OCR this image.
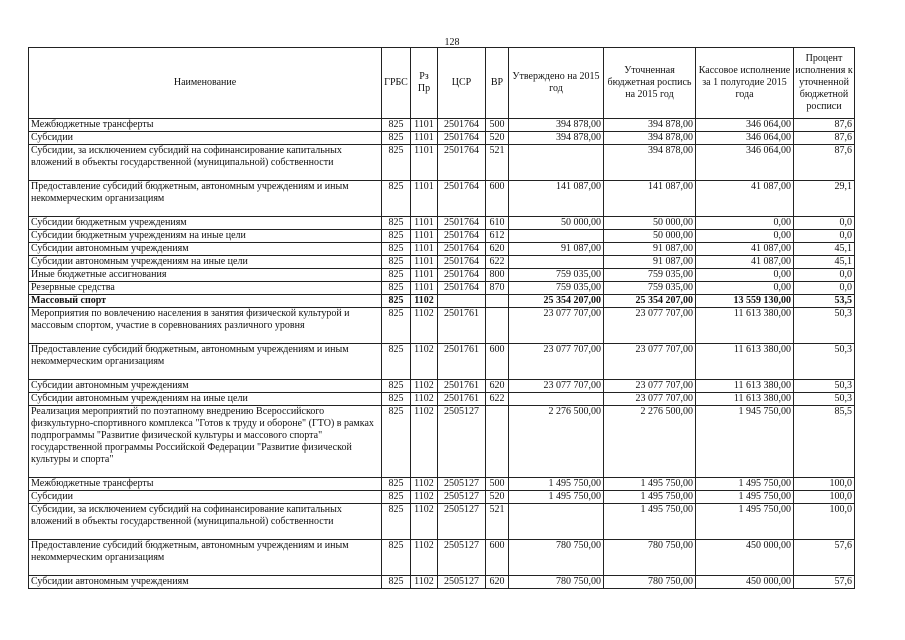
128
Наименование	ГРБС	Рз Пр	ЦСР	ВР	Утверждено на 2015 год	Уточненная бюджетная роспись на 2015 год	Кассовое исполнение за 1 полугодие 2015 года	Процент исполнения к уточненной бюджетной росписи
Межбюджетные трансферты	825	1101	2501764	500	394 878,00	394 878,00	346 064,00	87,6
Субсидии	825	1101	2501764	520	394 878,00	394 878,00	346 064,00	87,6
Субсидии, за исключением субсидий на софинансирование капитальных вложений в объекты государственной (муниципальной) собственности	825	1101	2501764	521		394 878,00	346 064,00	87,6
Предоставление субсидий бюджетным, автономным учреждениям и иным некоммерческим организациям	825	1101	2501764	600	141 087,00	141 087,00	41 087,00	29,1
Субсидии бюджетным учреждениям	825	1101	2501764	610	50 000,00	50 000,00	0,00	0,0
Субсидии бюджетным учреждениям на иные цели	825	1101	2501764	612		50 000,00	0,00	0,0
Субсидии автономным учреждениям	825	1101	2501764	620	91 087,00	91 087,00	41 087,00	45,1
Субсидии автономным учреждениям на иные цели	825	1101	2501764	622		91 087,00	41 087,00	45,1
Иные бюджетные ассигнования	825	1101	2501764	800	759 035,00	759 035,00	0,00	0,0
Резервные средства	825	1101	2501764	870	759 035,00	759 035,00	0,00	0,0
Массовый спорт	825	1102			25 354 207,00	25 354 207,00	13 559 130,00	53,5
Мероприятия по вовлечению населения в занятия физической культурой и массовым спортом, участие в соревнованиях различного уровня	825	1102	2501761		23 077 707,00	23 077 707,00	11 613 380,00	50,3
Предоставление субсидий бюджетным, автономным учреждениям и иным некоммерческим организациям	825	1102	2501761	600	23 077 707,00	23 077 707,00	11 613 380,00	50,3
Субсидии автономным учреждениям	825	1102	2501761	620	23 077 707,00	23 077 707,00	11 613 380,00	50,3
Субсидии автономным учреждениям на иные цели	825	1102	2501761	622		23 077 707,00	11 613 380,00	50,3
Реализация мероприятий по поэтапному внедрению Всероссийского физкультурно-спортивного комплекса "Готов к труду и обороне" (ГТО) в рамках подпрограммы "Развитие физической культуры и массового спорта" государственной программы Российской Федерации "Развитие физической культуры и спорта"	825	1102	2505127		2 276 500,00	2 276 500,00	1 945 750,00	85,5
Межбюджетные трансферты	825	1102	2505127	500	1 495 750,00	1 495 750,00	1 495 750,00	100,0
Субсидии	825	1102	2505127	520	1 495 750,00	1 495 750,00	1 495 750,00	100,0
Субсидии, за исключением субсидий на софинансирование капитальных вложений в объекты государственной (муниципальной) собственности	825	1102	2505127	521		1 495 750,00	1 495 750,00	100,0
Предоставление субсидий бюджетным, автономным учреждениям и иным некоммерческим организациям	825	1102	2505127	600	780 750,00	780 750,00	450 000,00	57,6
Субсидии автономным учреждениям	825	1102	2505127	620	780 750,00	780 750,00	450 000,00	57,6
